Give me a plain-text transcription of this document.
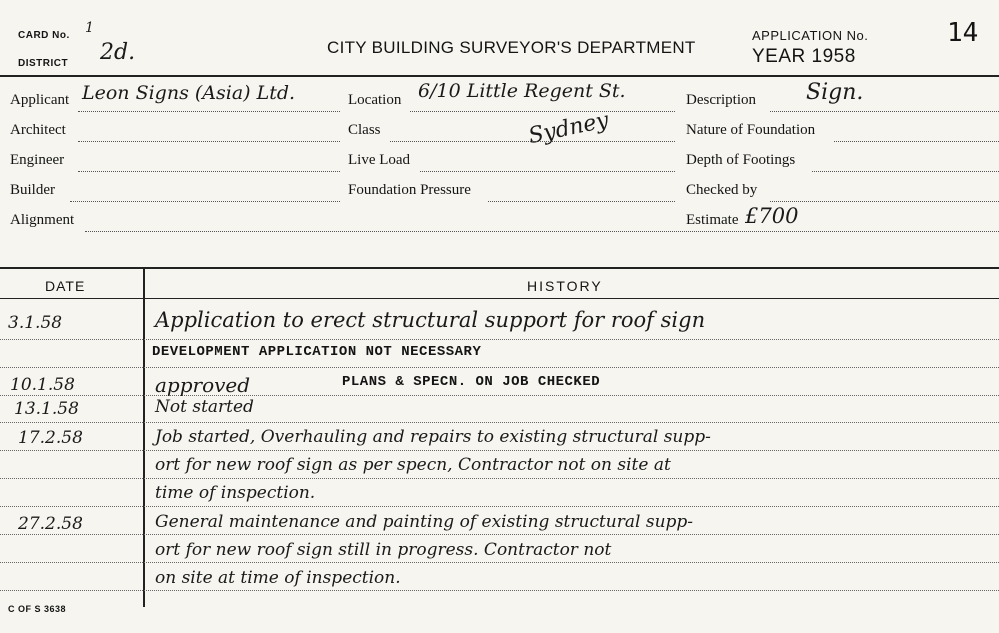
CARD No. 1
DISTRICT 2d.	CITY BUILDING SURVEYOR'S DEPARTMENT
APPLICATION No.
YEAR 1958
14
Applicant Leon Signs (Asia) Ltd.
Architect
Engineer
Builder
Alignment
Location 6/10 Little Regent St.
Class	Sydney
Live Load
Foundation Pressure
Description Sign.
Nature of Foundation
Depth of Footings
Checked by
Estimate £700
DATE	HISTORY
3.1.58	Application to erect structural support for roof sign
DEVELOPMENT APPLICATION NOT NECESSARY
10.1.58	approved	PLANS & SPECN. ON JOB CHECKED
13.1.58	Not started
17.2.58	Job started, Overhauling and repairs to existing structural supp-
ort for new roof sign as per specn, Contractor not on site at
time of inspection.
27.2.58	General maintenance and painting of existing structural supp-
ort for new roof sign still in progress. Contractor not
on site at time of inspection.
C OF S 3638
